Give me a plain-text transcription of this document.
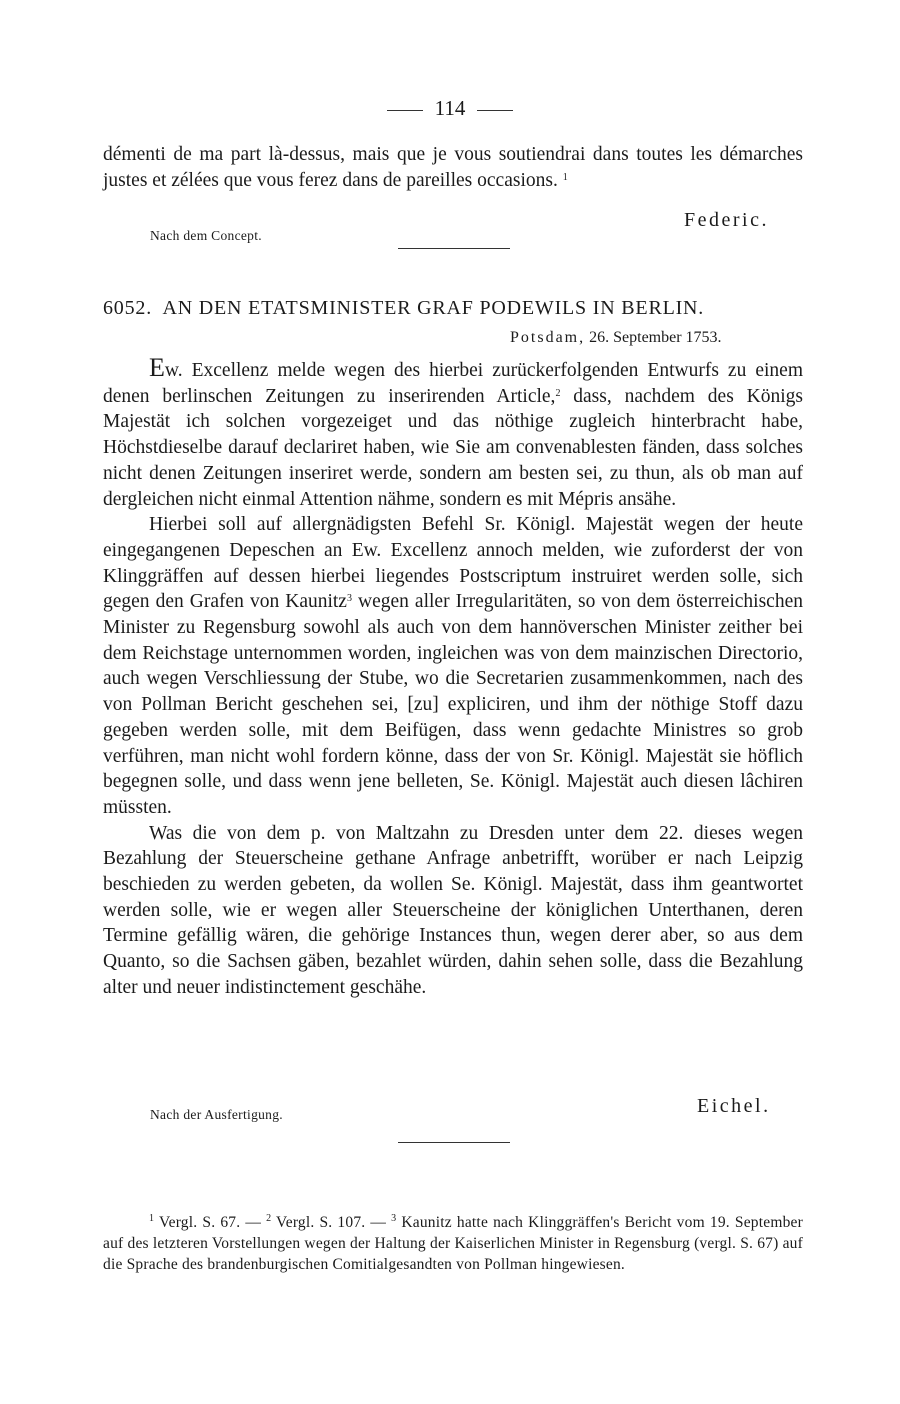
114

démenti de ma part là-dessus, mais que je vous soutiendrai dans toutes les démarches justes et zélées que vous ferez dans de pareilles occasions. $^1$

Federic.
Nach dem Concept.
6052. AN DEN ETATSMINISTER GRAF PODEWILS IN BERLIN.
Potsdam, 26. September 1753.

Ew. Excellenz melde wegen des hierbei zurückerfolgenden Entwurfs zu einem denen berlinschen Zeitungen zu inserirenden Article,$^2$ dass, nachdem des Königs Majestät ich solchen vorgezeiget und das nöthige zugleich hinterbracht habe, Höchstdieselbe darauf declariret haben, wie Sie am convenablesten fänden, dass solches nicht denen Zeitungen inseriret werde, sondern am besten sei, zu thun, als ob man auf dergleichen nicht einmal Attention nähme, sondern es mit Mépris ansähe.

Hierbei soll auf allergnädigsten Befehl Sr. Königl. Majestät wegen der heute eingegangenen Depeschen an Ew. Excellenz annoch melden, wie zuforderst der von Klinggräffen auf dessen hierbei liegendes Postscriptum instruiret werden solle, sich gegen den Grafen von Kaunitz$^3$ wegen aller Irregularitäten, so von dem österreichischen Minister zu Regensburg sowohl als auch von dem hannöverschen Minister zeither bei dem Reichstage unternommen worden, ingleichen was von dem mainzischen Directorio, auch wegen Verschliessung der Stube, wo die Secretarien zusammenkommen, nach des von Pollman Bericht geschehen sei, [zu] expliciren, und ihm der nöthige Stoff dazu gegeben werden solle, mit dem Beifügen, dass wenn gedachte Ministres so grob verführen, man nicht wohl fordern könne, dass der von Sr. Königl. Majestät sie höflich begegnen solle, und dass wenn jene belleten, Se. Königl. Majestät auch diesen lâchiren müssten.

Was die von dem p. von Maltzahn zu Dresden unter dem 22. dieses wegen Bezahlung der Steuerscheine gethane Anfrage anbetrifft, worüber er nach Leipzig beschieden zu werden gebeten, da wollen Se. Königl. Majestät, dass ihm geantwortet werden solle, wie er wegen aller Steuerscheine der königlichen Unterthanen, deren Termine gefällig wären, die gehörige Instances thun, wegen derer aber, so aus dem Quanto, so die Sachsen gäben, bezahlet würden, dahin sehen solle, dass die Bezahlung alter und neuer indistinctement geschähe.

Eichel.
Nach der Ausfertigung.

$^1$ Vergl. S. 67. — $^2$ Vergl. S. 107. — $^3$ Kaunitz hatte nach Klinggräffen's Bericht vom 19. September auf des letzteren Vorstellungen wegen der Haltung der Kaiserlichen Minister in Regensburg (vergl. S. 67) auf die Sprache des brandenburgischen Comitialgesandten von Pollman hingewiesen.
